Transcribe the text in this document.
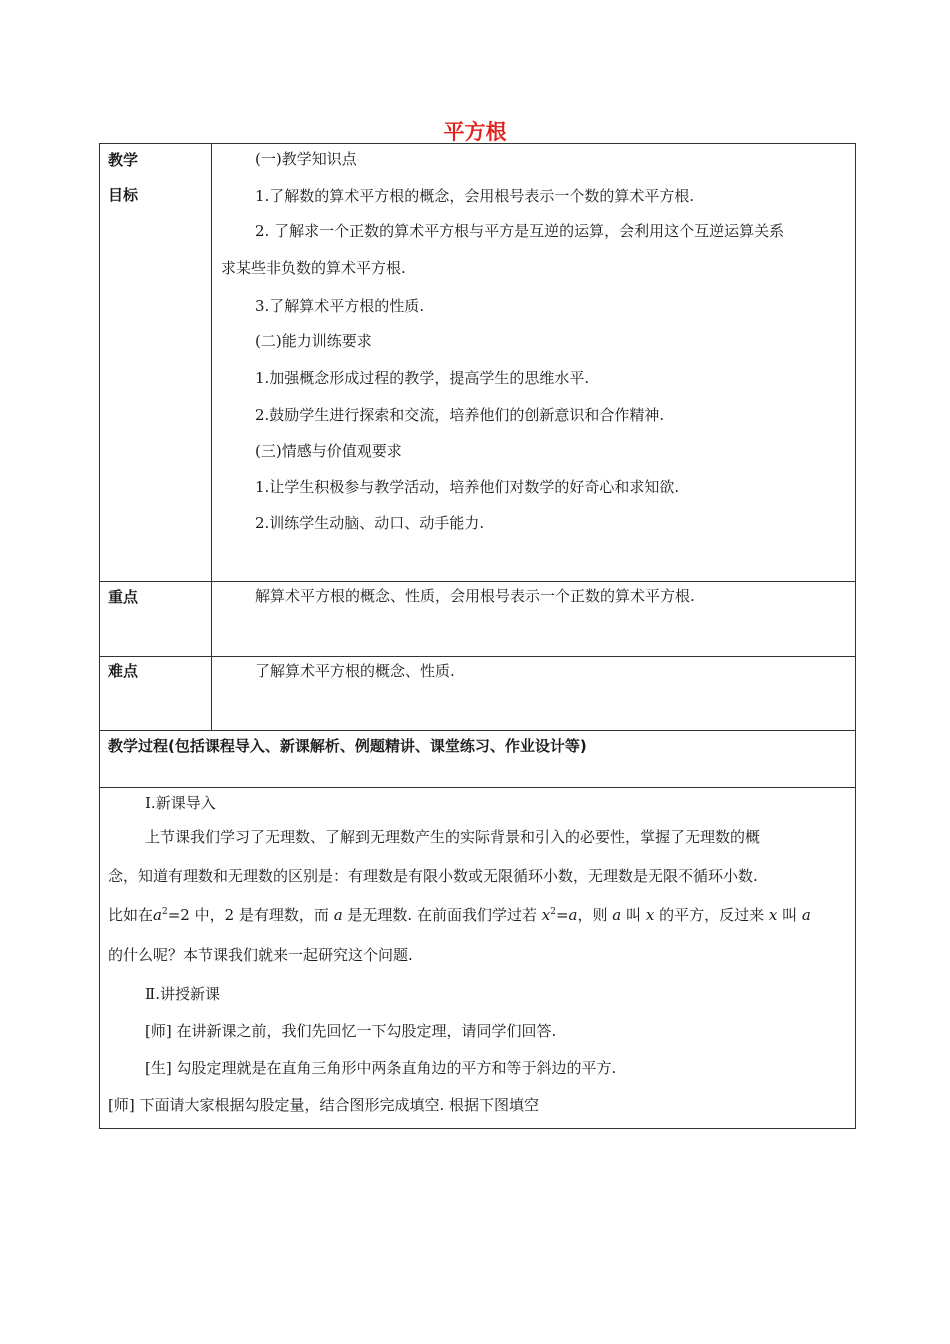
平方根
教学
目标
(一)教学知识点
1.了解数的算术平方根的概念，会用根号表示一个数的算术平方根.
2. 了解求一个正数的算术平方根与平方是互逆的运算，会利用这个互逆运算关系
求某些非负数的算术平方根.
3.了解算术平方根的性质.
(二)能力训练要求
1.加强概念形成过程的教学，提高学生的思维水平.
2.鼓励学生进行探索和交流，培养他们的创新意识和合作精神.
(三)情感与价值观要求
1.让学生积极参与教学活动，培养他们对数学的好奇心和求知欲.
2.训练学生动脑、动口、动手能力.
重点	解算术平方根的概念、性质，会用根号表示一个正数的算术平方根.
难点	了解算术平方根的概念、性质.
教学过程(包括课程导入、新课解析、例题精讲、课堂练习、作业设计等)
Ⅰ.新课导入
上节课我们学习了无理数、了解到无理数产生的实际背景和引入的必要性，掌握了无理数的概
念，知道有理数和无理数的区别是：有理数是有限小数或无限循环小数，无理数是无限不循环小数.
比如在$a^2=2$ 中，2 是有理数，而 a 是无理数. 在前面我们学过若 $x^2=a$，则 a 叫 x 的平方，反过来 x 叫 a
的什么呢？本节课我们就来一起研究这个问题.
Ⅱ.讲授新课
[师] 在讲新课之前，我们先回忆一下勾股定理，请同学们回答.
[生] 勾股定理就是在直角三角形中两条直角边的平方和等于斜边的平方.
[师] 下面请大家根据勾股定量，结合图形完成填空. 根据下图填空
